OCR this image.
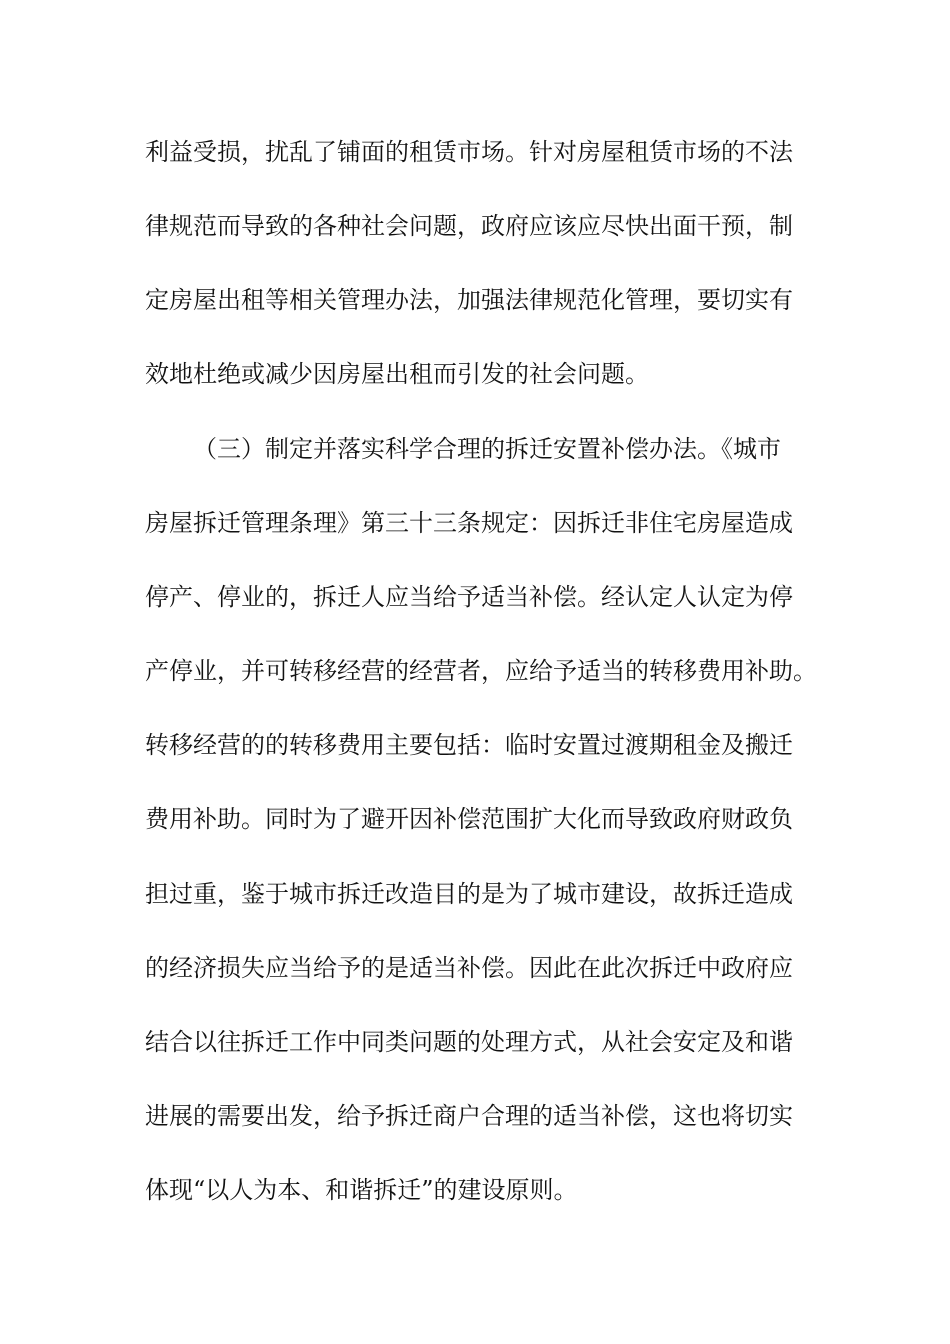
利益受损，扰乱了铺面的租赁市场。针对房屋租赁市场的不法
律规范而导致的各种社会问题，政府应该应尽快出面干预，制
定房屋出租等相关管理办法，加强法律规范化管理，要切实有
效地杜绝或减少因房屋出租而引发的社会问题。
（三）制定并落实科学合理的拆迁安置补偿办法。《城市
房屋拆迁管理条理》第三十三条规定：因拆迁非住宅房屋造成
停产、停业的，拆迁人应当给予适当补偿。经认定人认定为停
产停业，并可转移经营的经营者，应给予适当的转移费用补助。
转移经营的的转移费用主要包括：临时安置过渡期租金及搬迁
费用补助。同时为了避开因补偿范围扩大化而导致政府财政负
担过重，鉴于城市拆迁改造目的是为了城市建设，故拆迁造成
的经济损失应当给予的是适当补偿。因此在此次拆迁中政府应
结合以往拆迁工作中同类问题的处理方式，从社会安定及和谐
进展的需要出发，给予拆迁商户合理的适当补偿，这也将切实
体现“以人为本、和谐拆迁”的建设原则。
